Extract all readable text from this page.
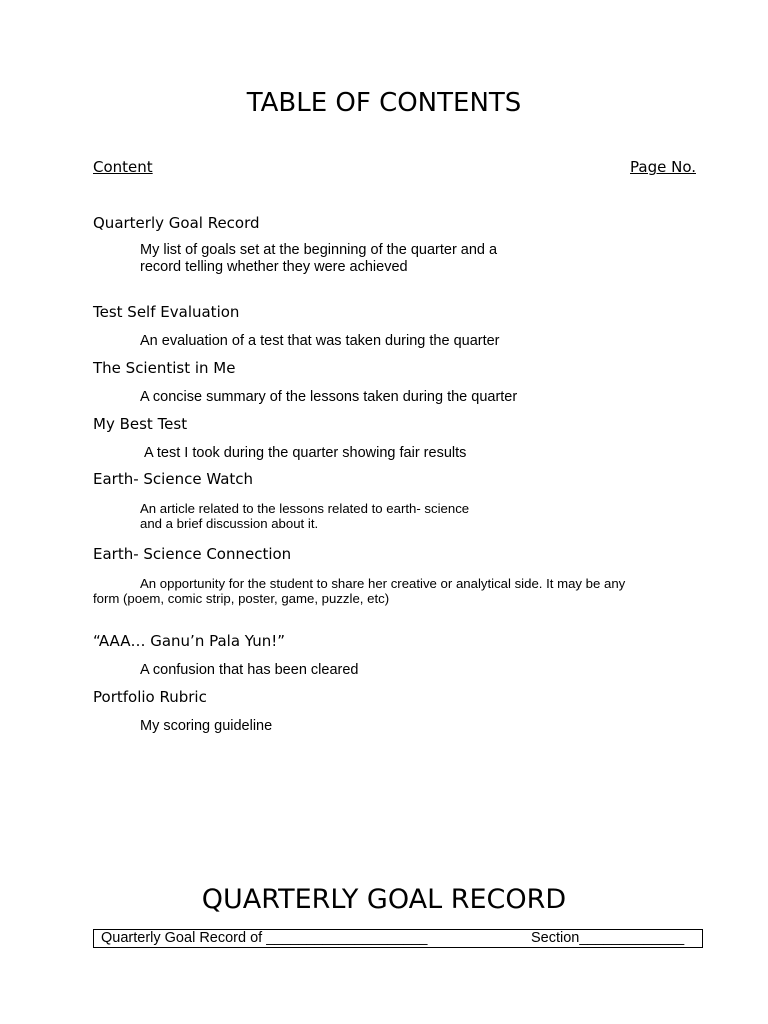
TABLE OF CONTENTS
Content	Page No.
Quarterly Goal Record
My list of goals set at the beginning of the quarter and a
record telling whether they were achieved
Test Self Evaluation
An evaluation of a test that was taken during the quarter
The Scientist in Me
A concise summary of the lessons taken during the quarter
My Best Test
A test I took during the quarter showing fair results
Earth- Science Watch
An article related to the lessons related to earth- science
and a brief discussion about it.
Earth- Science Connection
An opportunity for the student to share her creative or analytical side. It may be any
form (poem, comic strip, poster, game, puzzle, etc)
“AAA… Ganu’n Pala Yun!”
A confusion that has been cleared
Portfolio Rubric
My scoring guideline
QUARTERLY GOAL RECORD
Quarterly Goal Record of ____________________	Section_____________
